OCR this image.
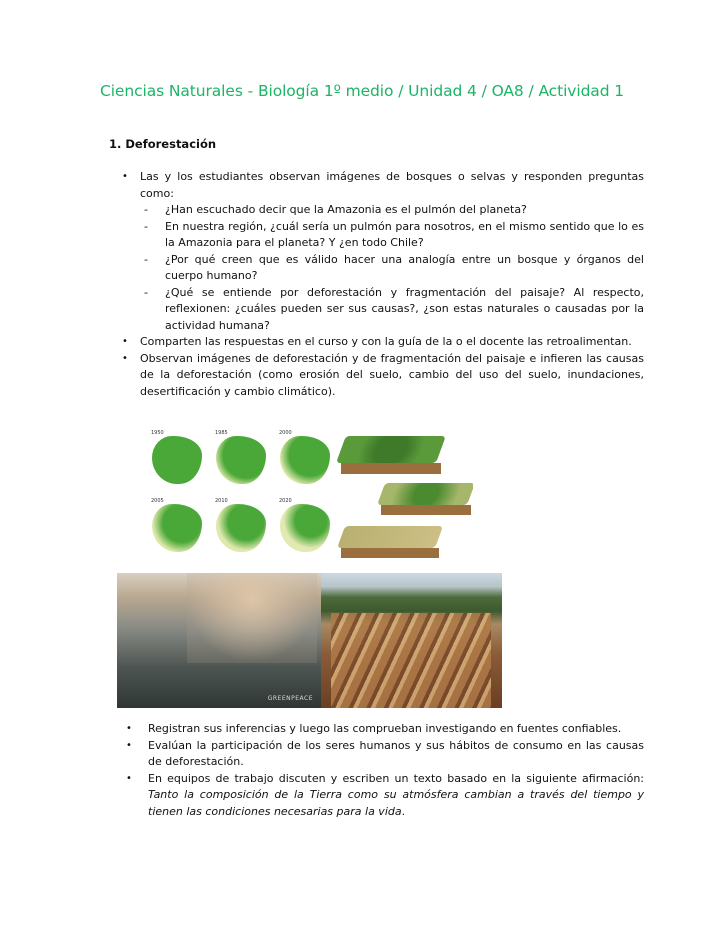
Ciencias Naturales - Biología 1º medio / Unidad 4 / OA8 / Actividad 1
1. Deforestación
• Las y los estudiantes observan imágenes de bosques o selvas y responden preguntas como:
- ¿Han escuchado decir que la Amazonia es el pulmón del planeta?
- En nuestra región, ¿cuál sería un pulmón para nosotros, en el mismo sentido que lo es la Amazonia para el planeta? Y ¿en todo Chile?
- ¿Por qué creen que es válido hacer una analogía entre un bosque y órganos del cuerpo humano?
- ¿Qué se entiende por deforestación y fragmentación del paisaje? Al respecto, reflexionen: ¿cuáles pueden ser sus causas?, ¿son estas naturales o causadas por la actividad humana?
• Comparten las respuestas en el curso y con la guía de la o el docente las retroalimentan.
• Observan imágenes de deforestación y de fragmentación del paisaje e infieren las causas de la deforestación (como erosión del suelo, cambio del uso del suelo, inundaciones, desertificación y cambio climático).
1950	1985	2000
2005	2010	2020
GREENPEACE
• Registran sus inferencias y luego las comprueban investigando en fuentes confiables.
• Evalúan la participación de los seres humanos y sus hábitos de consumo en las causas de deforestación.
• En equipos de trabajo discuten y escriben un texto basado en la siguiente afirmación: Tanto la composición de la Tierra como su atmósfera cambian a través del tiempo y tienen las condiciones necesarias para la vida.
